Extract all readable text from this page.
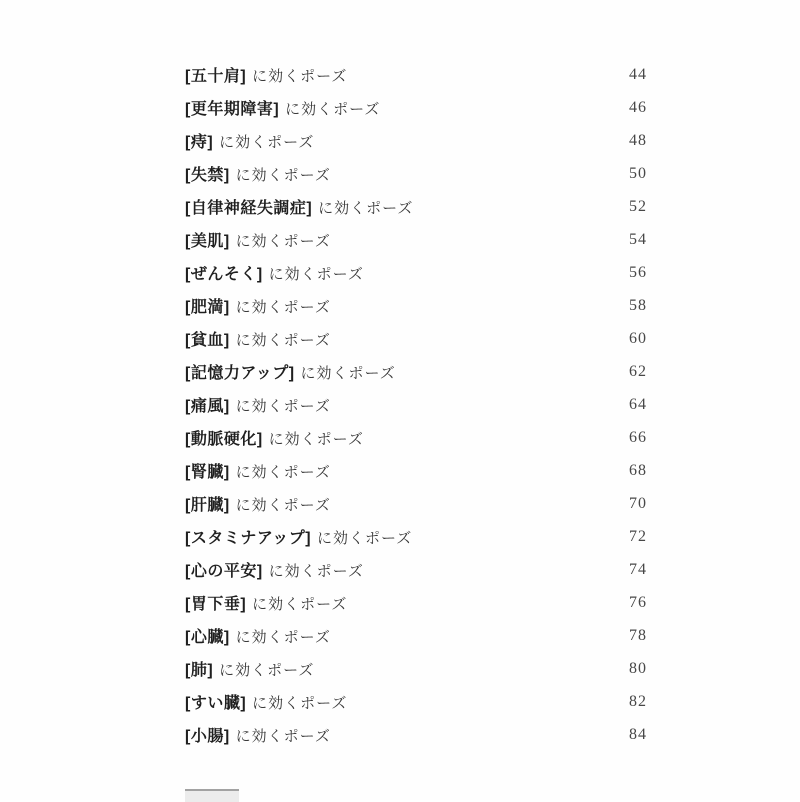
[五十肩] に効くポーズ	44
[更年期障害] に効くポーズ	46
[痔] に効くポーズ	48
[失禁] に効くポーズ	50
[自律神経失調症] に効くポーズ	52
[美肌] に効くポーズ	54
[ぜんそく] に効くポーズ	56
[肥満] に効くポーズ	58
[貧血] に効くポーズ	60
[記憶力アップ] に効くポーズ	62
[痛風] に効くポーズ	64
[動脈硬化] に効くポーズ	66
[腎臓] に効くポーズ	68
[肝臓] に効くポーズ	70
[スタミナアップ] に効くポーズ	72
[心の平安] に効くポーズ	74
[胃下垂] に効くポーズ	76
[心臓] に効くポーズ	78
[肺] に効くポーズ	80
[すい臓] に効くポーズ	82
[小腸] に効くポーズ	84
